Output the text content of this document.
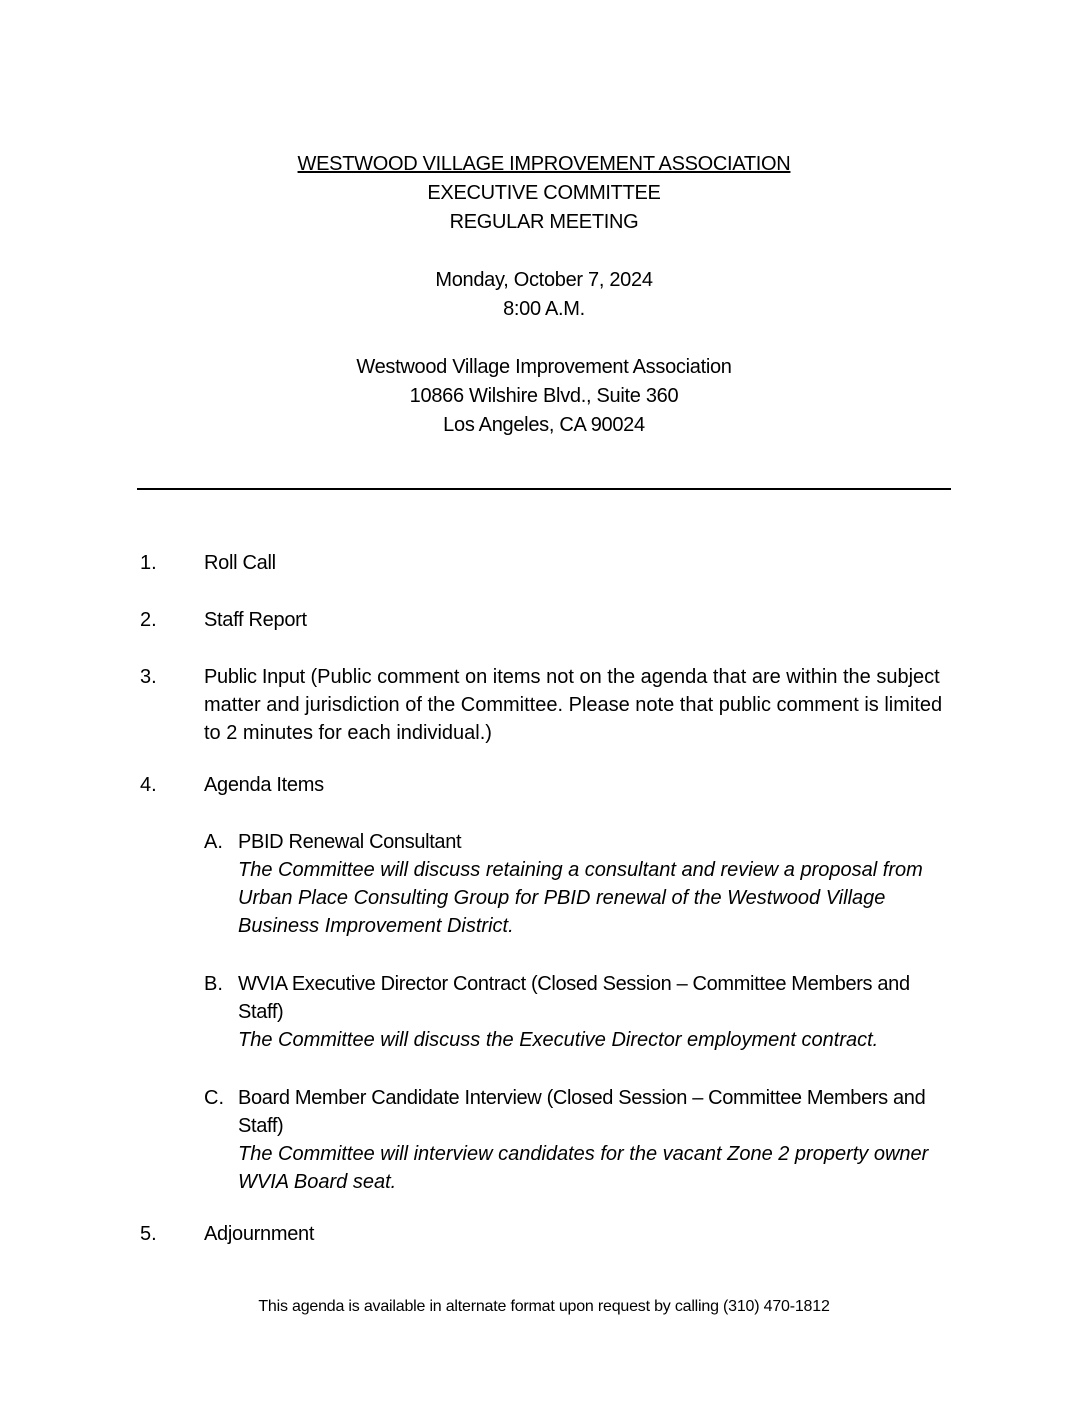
WESTWOOD VILLAGE IMPROVEMENT ASSOCIATION
EXECUTIVE COMMITTEE
REGULAR MEETING
Monday, October 7, 2024
8:00 A.M.
Westwood Village Improvement Association
10866 Wilshire Blvd., Suite 360
Los Angeles, CA 90024
1.	Roll Call
2.	Staff Report
3.	Public Input (Public comment on items not on the agenda that are within the subject matter and jurisdiction of the Committee. Please note that public comment is limited to 2 minutes for each individual.)
4.	Agenda Items
A. PBID Renewal Consultant
The Committee will discuss retaining a consultant and review a proposal from Urban Place Consulting Group for PBID renewal of the Westwood Village Business Improvement District.
B. WVIA Executive Director Contract (Closed Session – Committee Members and Staff)
The Committee will discuss the Executive Director employment contract.
C. Board Member Candidate Interview (Closed Session – Committee Members and Staff)
The Committee will interview candidates for the vacant Zone 2 property owner WVIA Board seat.
5.	Adjournment
This agenda is available in alternate format upon request by calling (310) 470-1812
